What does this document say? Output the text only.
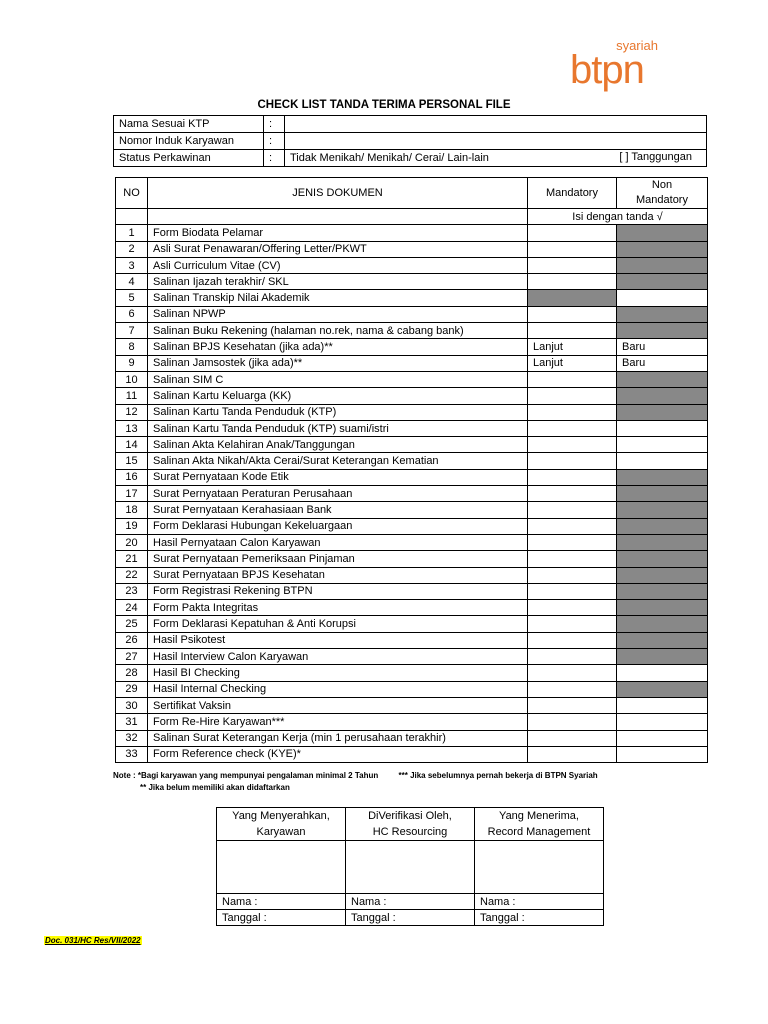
syariah
btpn
CHECK LIST TANDA TERIMA PERSONAL FILE
Nama Sesuai KTP	:	
Nomor Induk Karyawan	:	
Status Perkawinan	:	Tidak Menikah/ Menikah/ Cerai/ Lain-lain [ ] Tanggungan
NO	JENIS DOKUMEN	Mandatory	Non
Mandatory
		Isi dengan tanda √	
1	Form Biodata Pelamar		
2	Asli Surat Penawaran/Offering Letter/PKWT		
3	Asli Curriculum Vitae (CV)		
4	Salinan Ijazah terakhir/ SKL		
5	Salinan Transkip Nilai Akademik		
6	Salinan NPWP		
7	Salinan Buku Rekening (halaman no.rek, nama & cabang bank)		
8	Salinan BPJS Kesehatan (jika ada)**	Lanjut	Baru
9	Salinan Jamsostek (jika ada)**	Lanjut	Baru
10	Salinan SIM C		
11	Salinan Kartu Keluarga (KK)		
12	Salinan Kartu Tanda Penduduk (KTP)		
13	Salinan Kartu Tanda Penduduk (KTP) suami/istri		
14	Salinan Akta Kelahiran Anak/Tanggungan		
15	Salinan Akta Nikah/Akta Cerai/Surat Keterangan Kematian		
16	Surat Pernyataan Kode Etik		
17	Surat Pernyataan Peraturan Perusahaan		
18	Surat Pernyataan Kerahasiaan Bank		
19	Form Deklarasi Hubungan Kekeluargaan		
20	Hasil Pernyataan Calon Karyawan		
21	Surat Pernyataan Pemeriksaan Pinjaman		
22	Surat Pernyataan BPJS Kesehatan		
23	Form Registrasi Rekening BTPN		
24	Form Pakta Integritas		
25	Form Deklarasi Kepatuhan & Anti Korupsi		
26	Hasil Psikotest		
27	Hasil Interview Calon Karyawan		
28	Hasil BI Checking		
29	Hasil Internal Checking		
30	Sertifikat Vaksin		
31	Form Re-Hire Karyawan***		
32	Salinan Surat Keterangan Kerja (min 1 perusahaan terakhir)		
33	Form Reference check (KYE)*		
Note : *Bagi karyawan yang mempunyai pengalaman minimal 2 Tahun	*** Jika sebelumnya pernah bekerja di BTPN Syariah
** Jika belum memiliki akan didaftarkan
Yang Menyerahkan,	DiVerifikasi Oleh,	Yang Menerima,
Karyawan	HC Resourcing	Record Management

Nama :	Nama :	Nama :
Tanggal :	Tanggal :	Tanggal :
Doc. 031/HC Res/VII/2022
